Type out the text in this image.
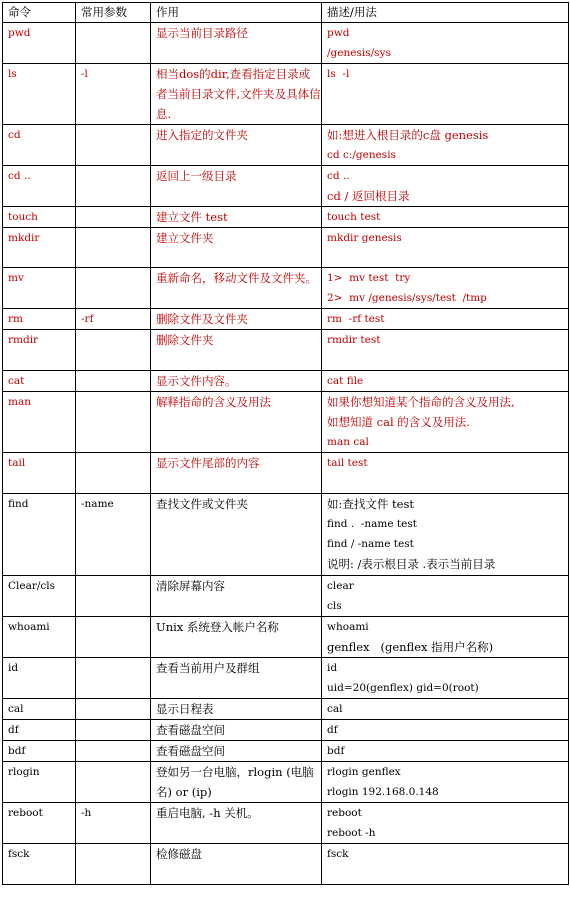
命令	常用参数	作用	描述/用法

pwd		显示当前目录路径	pwd
/genesis/sys

ls	-l	相当dos的dir,查看指定目录或者当前目录文件,文件夹及具体信息.	ls  -l

cd		进入指定的文件夹	如:想进入根目录的c盘 genesis
cd c:/genesis

cd ..		返回上一级目录	cd ..
cd / 返回根目录

touch		建立文件 test	touch test

mkdir		建立文件夹	mkdir genesis

mv		重新命名，移动文件及文件夹。	1>  mv test  try
2>  mv /genesis/sys/test  /tmp

rm	-rf	删除文件及文件夹	rm  -rf test

rmdir		删除文件夹	rmdir test

cat		显示文件内容。	cat file

man		解释指命的含义及用法	如果你想知道某个指命的含义及用法,
如想知道 cal 的含义及用法.
man cal

tail		显示文件尾部的内容	tail test

find	-name	查找文件或文件夹	如:查找文件 test
find .  -name test
find / -name test
说明: /表示根目录 .表示当前目录

Clear/cls		清除屏幕内容	clear
cls

whoami		Unix 系统登入帐户名称	whoami
genflex   (genflex 指用户名称)

id		查看当前用户及群组	id
uid=20(genflex) gid=0(root)

cal		显示日程表	cal

df		查看磁盘空间	df

bdf		查看磁盘空间	bdf

rlogin		登如另一台电脑，rlogin (电脑名) or (ip)	rlogin genflex
rlogin 192.168.0.148

reboot	-h	重启电脑, -h 关机。	reboot
reboot -h

fsck		检修磁盘	fsck
